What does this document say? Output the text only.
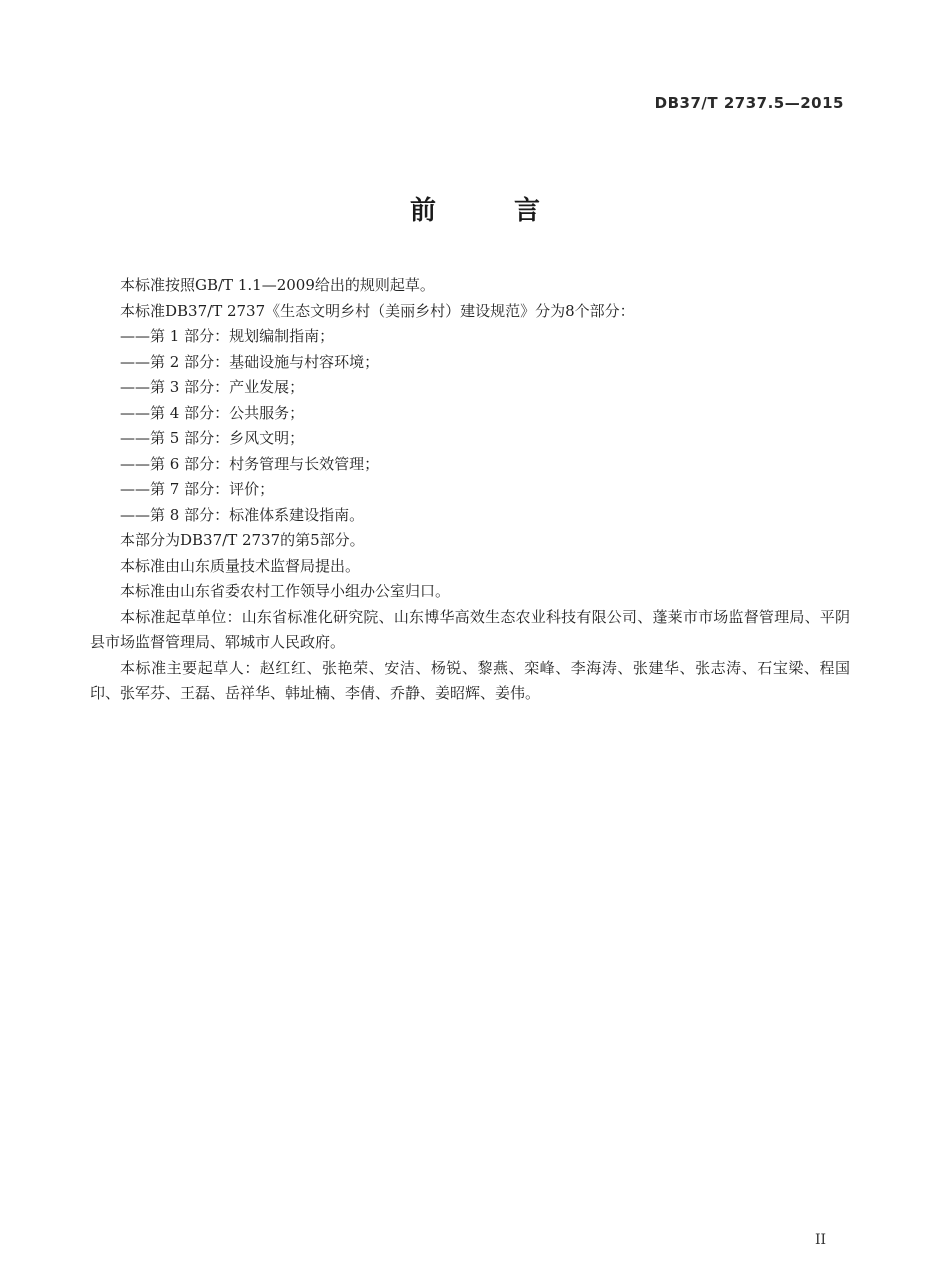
DB37/T 2737.5—2015
前　言

本标准按照GB/T 1.1—2009给出的规则起草。

本标准DB37/T 2737《生态文明乡村（美丽乡村）建设规范》分为8个部分：

——第 1 部分：规划编制指南；

——第 2 部分：基础设施与村容环境；

——第 3 部分：产业发展；

——第 4 部分：公共服务；

——第 5 部分：乡风文明；

——第 6 部分：村务管理与长效管理；

——第 7 部分：评价；

——第 8 部分：标准体系建设指南。

本部分为DB37/T 2737的第5部分。

本标准由山东质量技术监督局提出。

本标准由山东省委农村工作领导小组办公室归口。

本标准起草单位：山东省标准化研究院、山东博华高效生态农业科技有限公司、蓬莱市市场监督管理局、平阴县市场监督管理局、郓城市人民政府。

本标准主要起草人：赵红红、张艳荣、安洁、杨锐、黎燕、栾峰、李海涛、张建华、张志涛、石宝梁、程国印、张军芬、王磊、岳祥华、韩址楠、李倩、乔静、姜昭辉、姜伟。

II
